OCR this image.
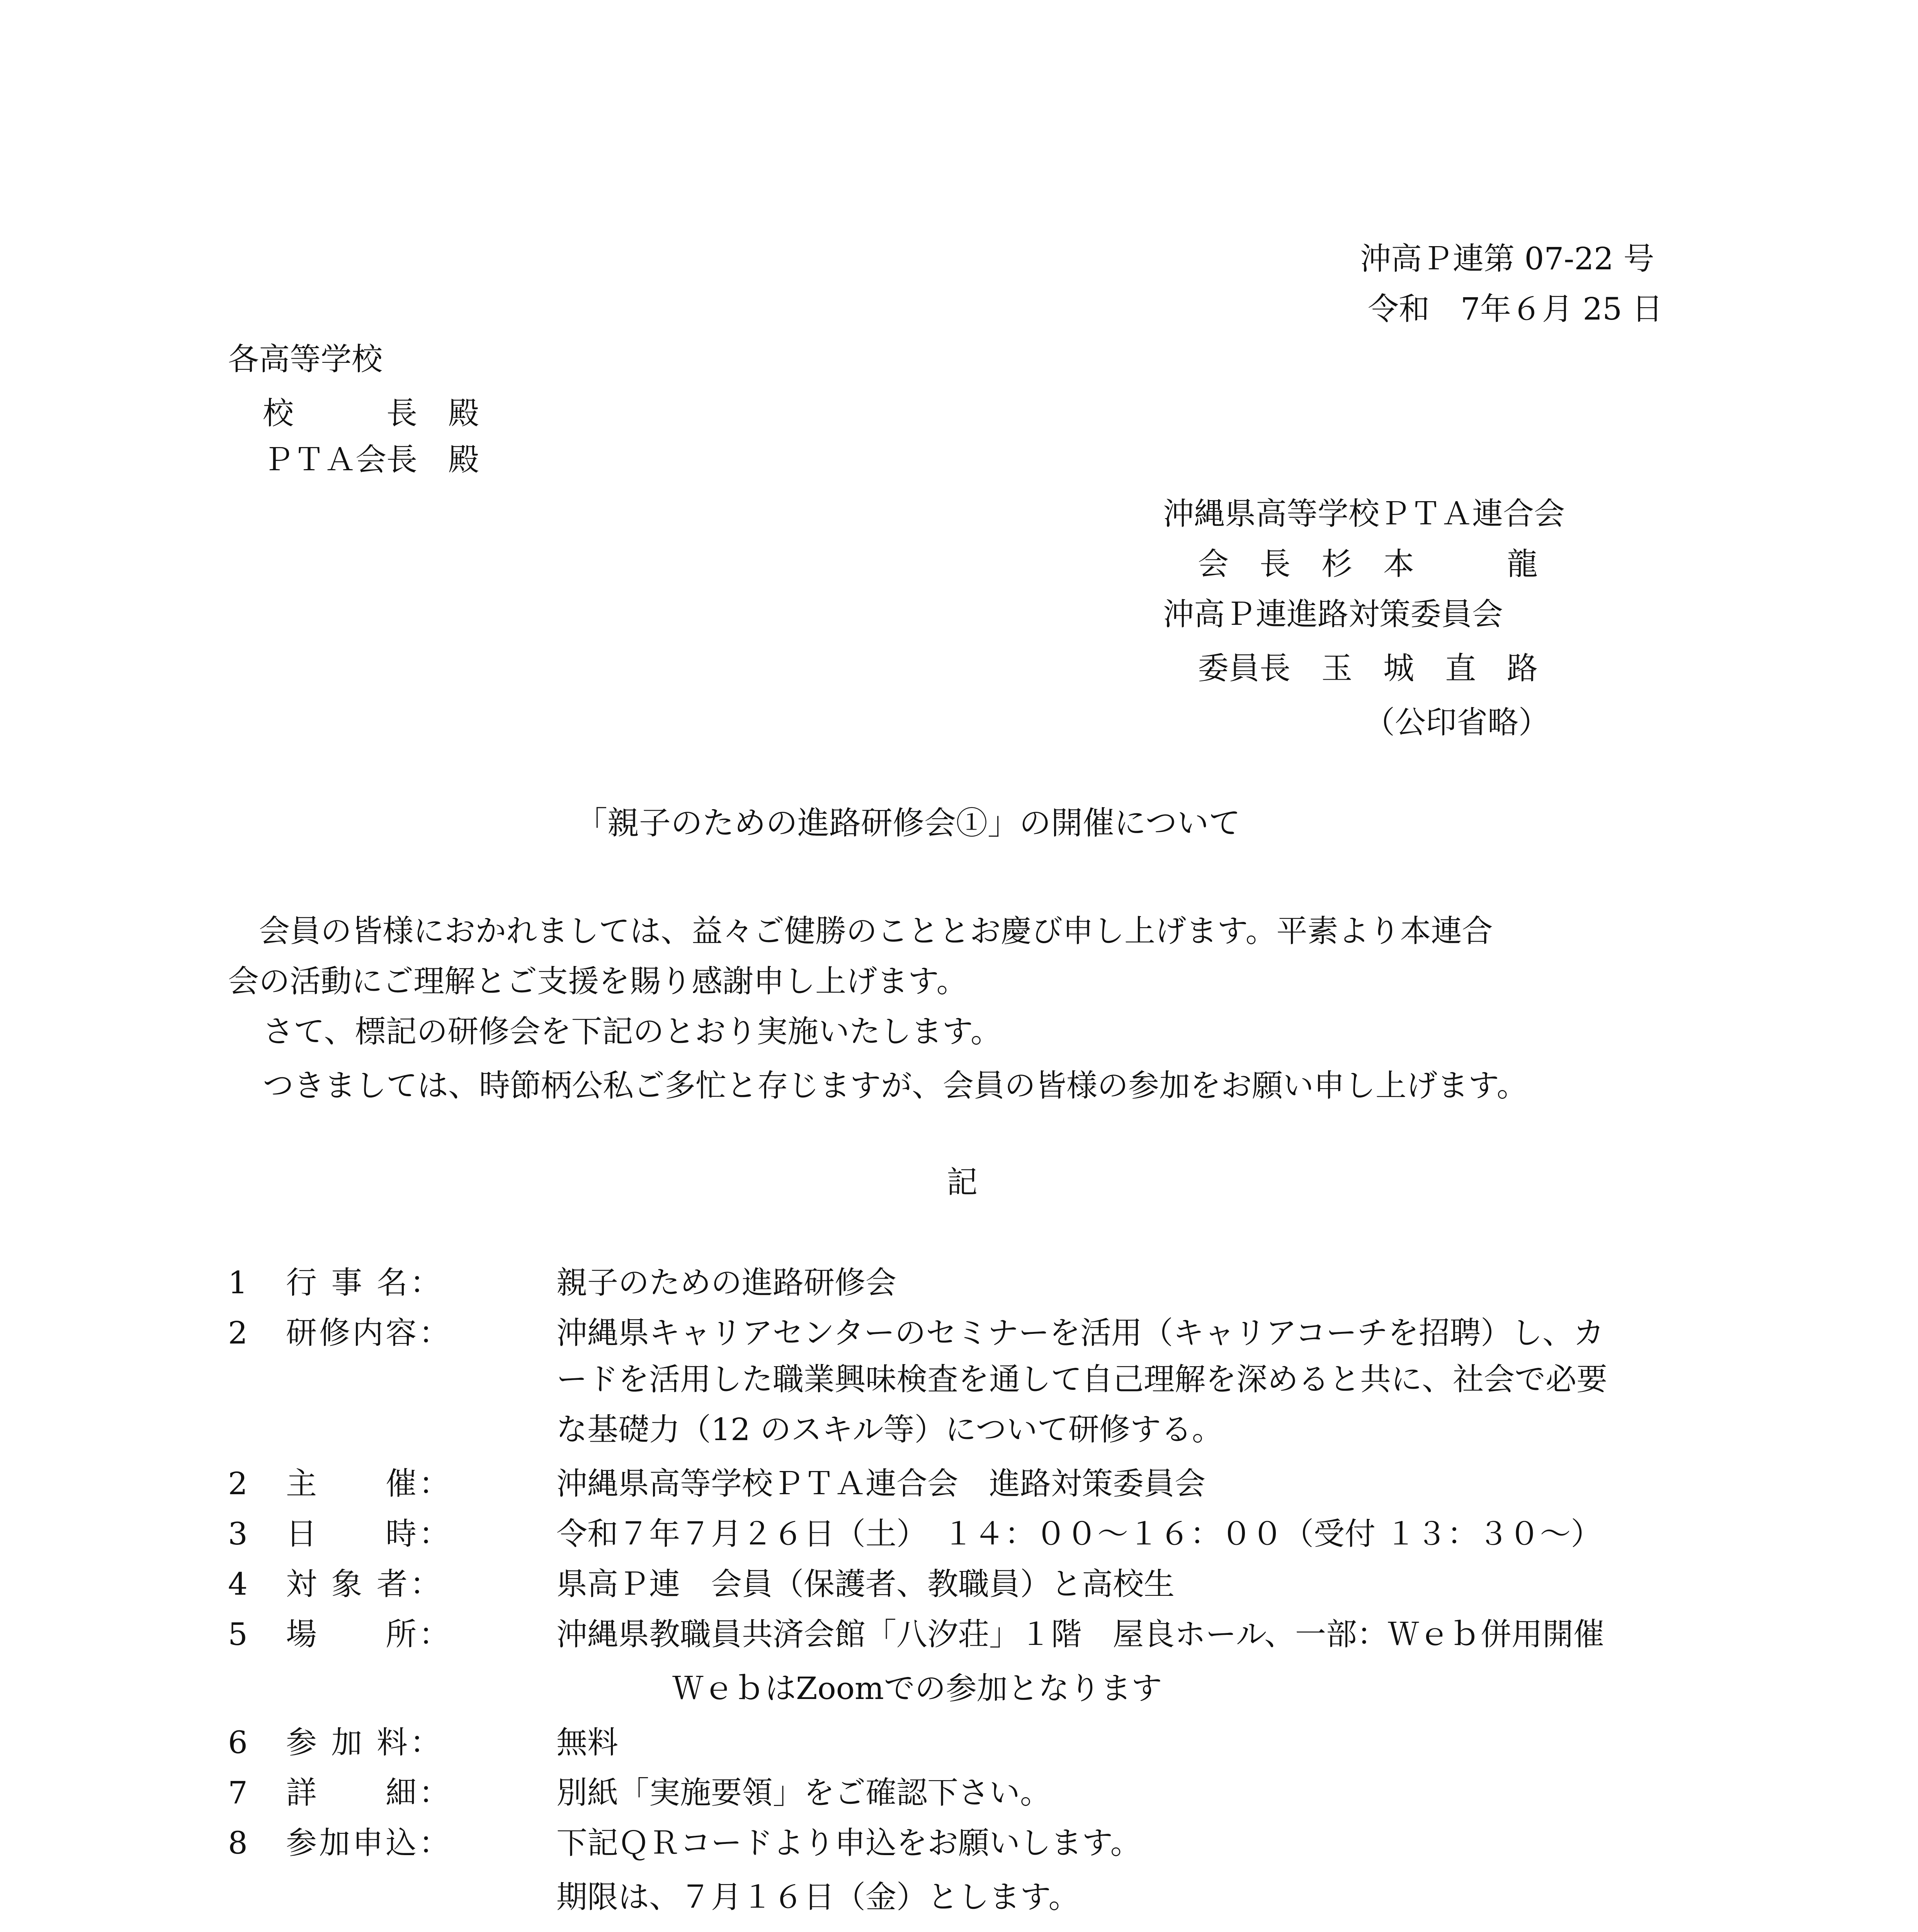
沖高Ｐ連第 07-22 号
令和　7年６月 25 日
各高等学校
校　　　長　殿
ＰＴＡ会長　殿
沖縄県高等学校ＰＴＡ連合会
会　長　杉　本　　　龍
沖高Ｐ連進路対策委員会
委員長　玉　城　直　路
（公印省略）
「親子のための進路研修会①」の開催について
会員の皆様におかれましては、益々ご健勝のこととお慶び申し上げます。平素より本連合
会の活動にご理解とご支援を賜り感謝申し上げます。
さて、標記の研修会を下記のとおり実施いたします。
つきましては、時節柄公私ご多忙と存じますが、会員の皆様の参加をお願い申し上げます。
記
1 行 事 名：	親子のための進路研修会
2 研修内容：	沖縄県キャリアセンターのセミナーを活用（キャリアコーチを招聘）し、カ
ードを活用した職業興味検査を通して自己理解を深めると共に、社会で必要
な基礎力（12 のスキル等）について研修する。
2 主　　催：	沖縄県高等学校ＰＴＡ連合会　進路対策委員会
3 日　　時：	令和７年７月２６日（土）　１４：００～１６：００（受付 １３：３０～）
4 対 象 者：	県高Ｐ連　会員（保護者、教職員）と高校生
5 場　　所：	沖縄県教職員共済会館「八汐荘」１階　屋良ホール、一部：Ｗｅｂ併用開催
ＷｅｂはZoomでの参加となります
6 参 加 料：	無料
7 詳　　細：	別紙「実施要領」をご確認下さい。
8 参加申込：	下記ＱＲコードより申込をお願いします。
期限は、７月１６日（金）とします。
